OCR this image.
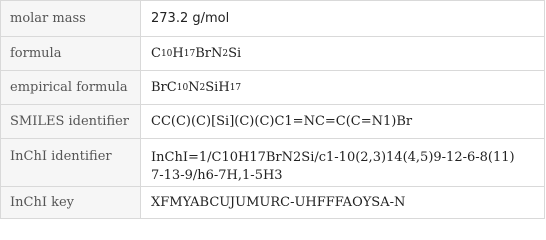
molar mass	273.2 g/mol
formula	C 10 H 17 BrN 2 Si
empirical formula	BrC 10 N 2 SiH 17
SMILES identifier	CC(C)(C)[Si](C)(C)C1=NC=C(C=N1)Br
InChI identifier	InChI=1/C10H17BrN2Si/c1-10(2,3)14(4,5)9-12-6-8(11)
7-13-9/h6-7H,1-5H3
InChI key	XFMYABCUJUMURC-UHFFFAOYSA-N
